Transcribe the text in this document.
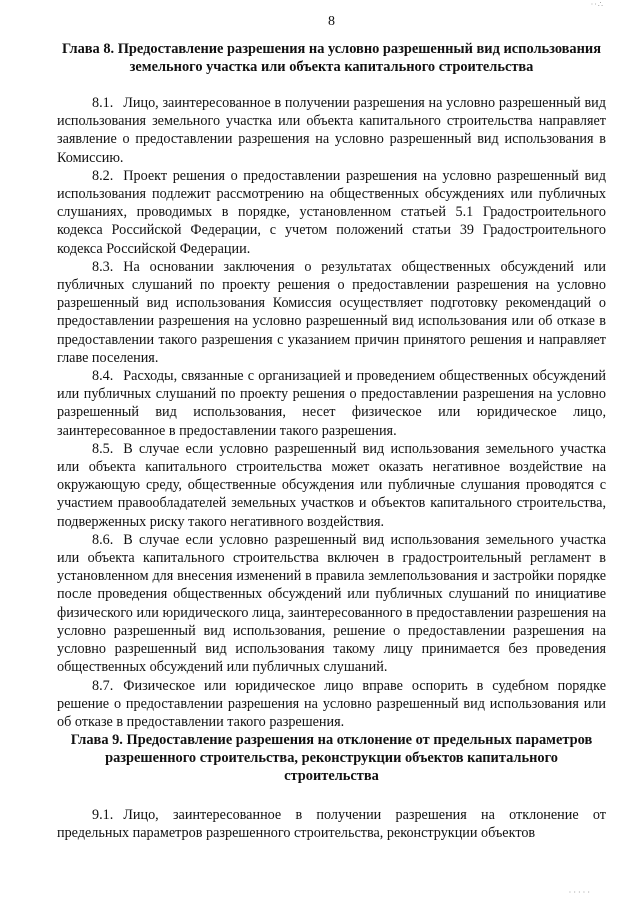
··∴
8
Глава 8. Предоставление разрешения на условно разрешенный вид использования земельного участка или объекта капитального строительства

8.1. Лицо, заинтересованное в получении разрешения на условно разрешенный вид использования земельного участка или объекта капитального строительства направляет заявление о предоставлении разрешения на условно разрешенный вид использования в Комиссию.

8.2. Проект решения о предоставлении разрешения на условно разрешенный вид использования подлежит рассмотрению на общественных обсуждениях или публичных слушаниях, проводимых в порядке, установленном статьей 5.1 Градостроительного кодекса Российской Федерации, с учетом положений статьи 39 Градостроительного кодекса Российской Федерации.

8.3. На основании заключения о результатах общественных обсуждений или публичных слушаний по проекту решения о предоставлении разрешения на условно разрешенный вид использования Комиссия осуществляет подготовку рекомендаций о предоставлении разрешения на условно разрешенный вид использования или об отказе в предоставлении такого разрешения с указанием причин принятого решения и направляет главе поселения.

8.4. Расходы, связанные с организацией и проведением общественных обсуждений или публичных слушаний по проекту решения о предоставлении разрешения на условно разрешенный вид использования, несет физическое или юридическое лицо, заинтересованное в предоставлении такого разрешения.

8.5. В случае если условно разрешенный вид использования земельного участка или объекта капитального строительства может оказать негативное воздействие на окружающую среду, общественные обсуждения или публичные слушания проводятся с участием правообладателей земельных участков и объектов капитального строительства, подверженных риску такого негативного воздействия.

8.6. В случае если условно разрешенный вид использования земельного участка или объекта капитального строительства включен в градостроительный регламент в установленном для внесения изменений в правила землепользования и застройки порядке после проведения общественных обсуждений или публичных слушаний по инициативе физического или юридического лица, заинтересованного в предоставлении разрешения на условно разрешенный вид использования, решение о предоставлении разрешения на условно разрешенный вид использования такому лицу принимается без проведения общественных обсуждений или публичных слушаний.

8.7. Физическое или юридическое лицо вправе оспорить в судебном порядке решение о предоставлении разрешения на условно разрешенный вид использования или об отказе в предоставлении такого разрешения.

Глава 9. Предоставление разрешения на отклонение от предельных параметров разрешенного строительства, реконструкции объектов капитального строительства

9.1. Лицо, заинтересованное в получении разрешения на отклонение от предельных параметров разрешенного строительства, реконструкции объектов

·····
